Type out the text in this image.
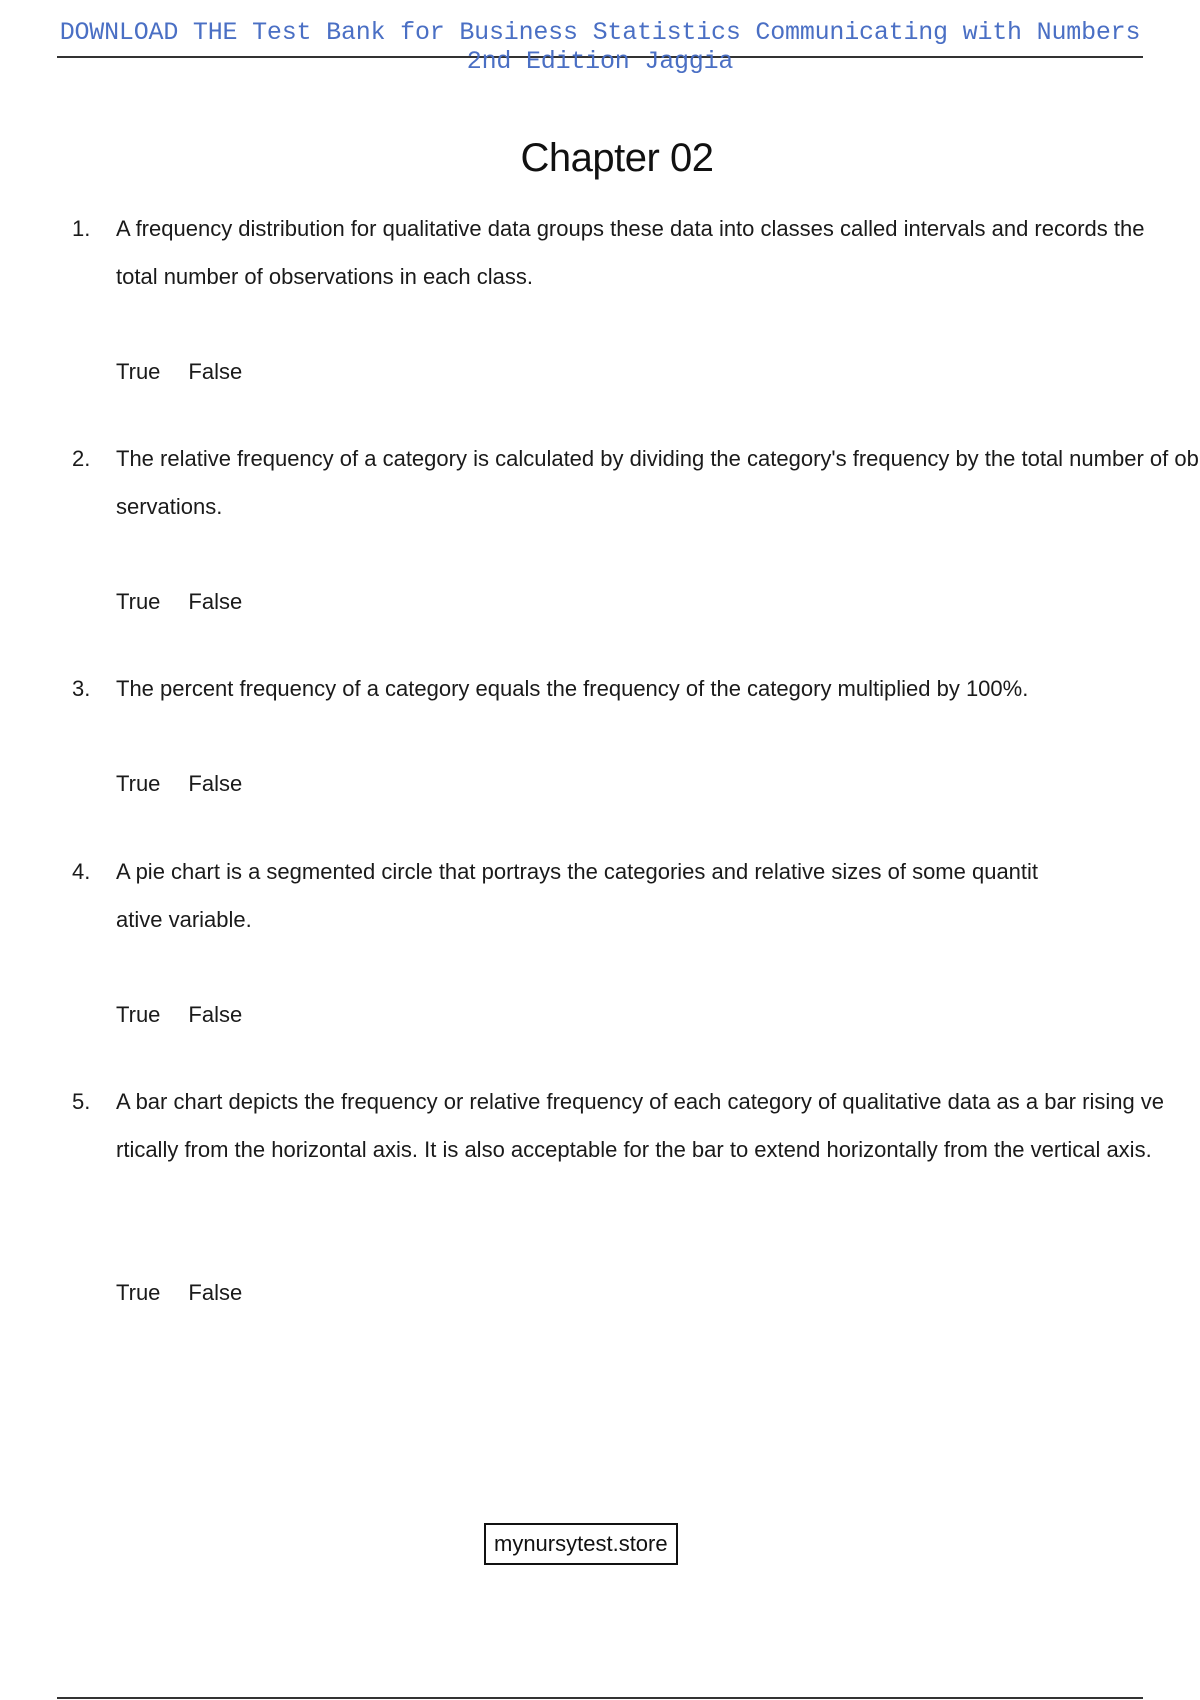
DOWNLOAD THE Test Bank for Business Statistics Communicating with Numbers 2nd Edition Jaggia
Chapter 02
1. A frequency distribution for qualitative data groups these data into classes called intervals and records the total number of observations in each class.
True False
2. The relative frequency of a category is calculated by dividing the category's frequency by the total number of observations.
True False
3. The percent frequency of a category equals the frequency of the category multiplied by 100%.
True False
4. A pie chart is a segmented circle that portrays the categories and relative sizes of some quantitative variable.
True False
5. A bar chart depicts the frequency or relative frequency of each category of qualitative data as a bar rising vertically from the horizontal axis. It is also acceptable for the bar to extend horizontally from the vertical axis.
True False
mynursytest.store
